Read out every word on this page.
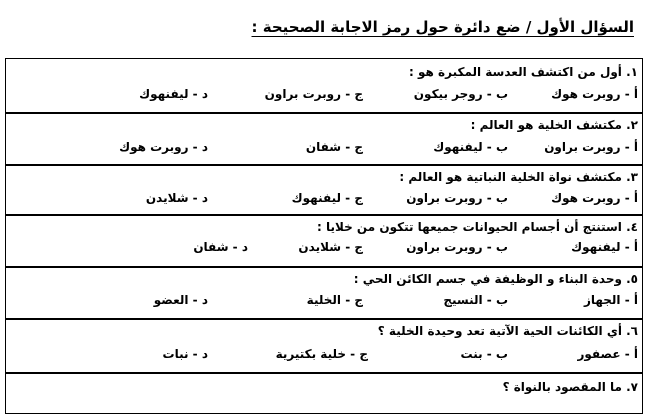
السؤال الأول / ضع دائرة حول رمز الاجابة الصحيحة :
١. أول من اكتشف العدسة المكبرة هو :
أ - روبرت هوك
ب - روجر بيكون
ج - روبرت براون
د - ليفنهوك
٢. مكتشف الخلية هو العالم :
أ - روبرت براون
ب - ليفنهوك
ج - شفان
د - روبرت هوك
٣. مكتشف نواة الخلية النباتية هو العالم :
أ - روبرت هوك
ب - روبرت براون
ج - ليفنهوك
د - شلايدن
٤. استنتج أن أجسام الحيوانات جميعها تتكون من خلايا :
أ - ليفنهوك
ب - روبرت براون
ج - شلايدن
د - شفان
٥. وحدة البناء و الوظيفة في جسم الكائن الحي :
أ - الجهاز
ب - النسيج
ج - الخلية
د - العضو
٦. أي الكائنات الحية الآتية تعد وحيدة الخلية ؟
أ - عصفور
ب - بنت
ج - خلية بكتيرية
د - نبات
٧. ما المقصود بالنواة ؟
